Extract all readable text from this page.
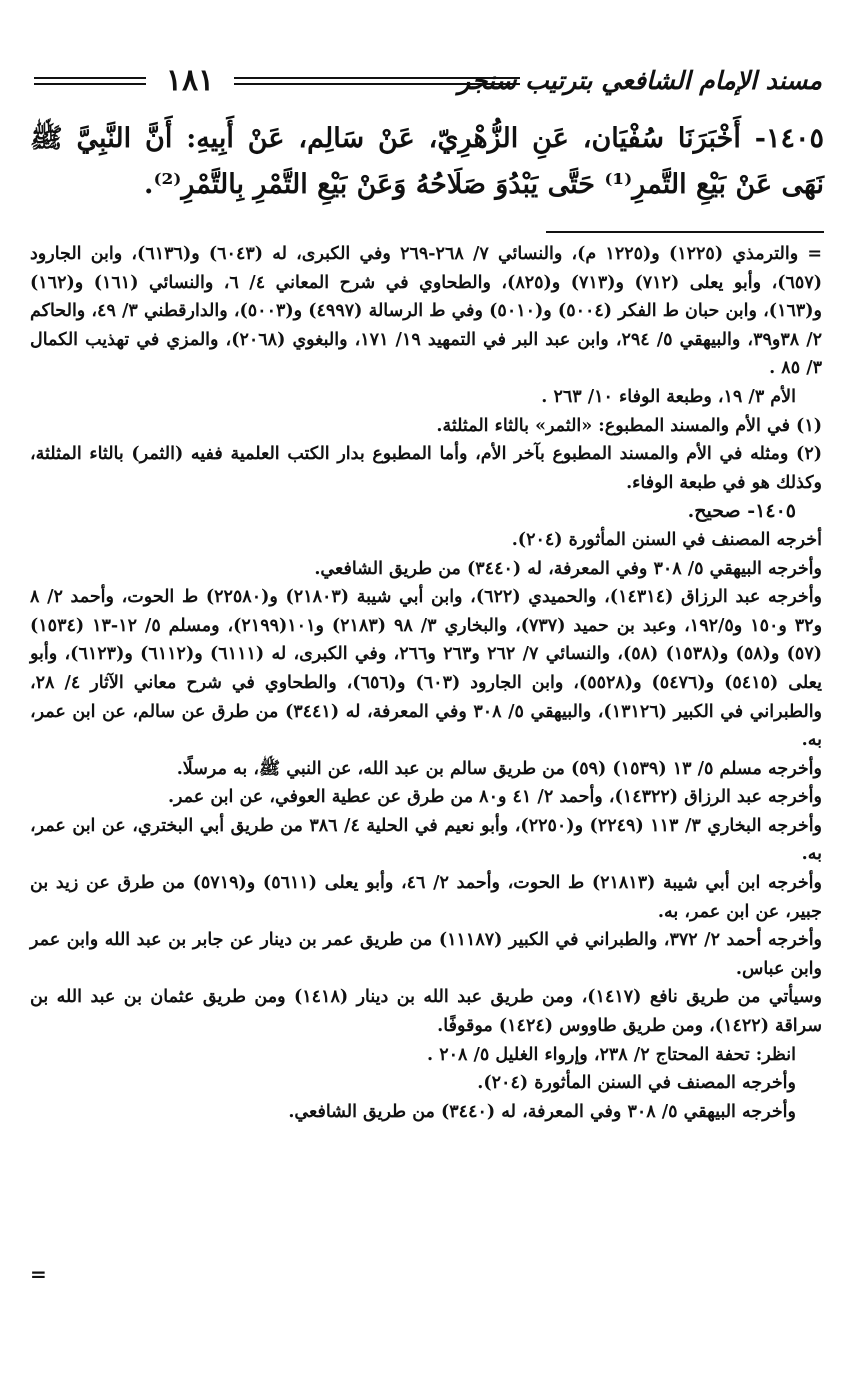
١٨١	مسند الإمام الشافعي بترتيب سنجر
١٤٠٥- أَخْبَرَنَا سُفْيَان، عَنِ الزُّهْرِيّ، عَنْ سَالِم، عَنْ أَبِيهِ: أَنَّ النَّبِيَّ ﷺ نَهَى عَنْ بَيْعِ التَّمرِ⁽¹⁾ حَتَّى يَبْدُوَ صَلَاحُهُ وَعَنْ بَيْعِ التَّمْرِ بِالتَّمْرِ⁽²⁾.

= والترمذي (١٢٢٥) و(١٢٢٥ م)، والنسائي ٧/ ٢٦٨-٢٦٩ وفي الكبرى، له (٦٠٤٣) و(٦١٣٦)، وابن الجارود (٦٥٧)، وأبو يعلى (٧١٢) و(٧١٣) و(٨٢٥)، والطحاوي في شرح المعاني ٤/ ٦، والنسائي (١٦١) و(١٦٢) و(١٦٣)، وابن حبان ط الفكر (٥٠٠٤) و(٥٠١٠) وفي ط الرسالة (٤٩٩٧) و(٥٠٠٣)، والدارقطني ٣/ ٤٩، والحاكم ٢/ ٣٨و٣٩، والبيهقي ٥/ ٢٩٤، وابن عبد البر في التمهيد ١٩/ ١٧١، والبغوي (٢٠٦٨)، والمزي في تهذيب الكمال ٣/ ٨٥ .

الأم ٣/ ١٩، وطبعة الوفاء ١٠/ ٢٦٣ .

(١) في الأم والمسند المطبوع: «الثمر» بالثاء المثلثة.

(٢) ومثله في الأم والمسند المطبوع بآخر الأم، وأما المطبوع بدار الكتب العلمية ففيه (الثمر) بالثاء المثلثة، وكذلك هو في طبعة الوفاء.

١٤٠٥- صحيح.

أخرجه المصنف في السنن المأثورة (٢٠٤).

وأخرجه البيهقي ٥/ ٣٠٨ وفي المعرفة، له (٣٤٤٠) من طريق الشافعي.

وأخرجه عبد الرزاق (١٤٣١٤)، والحميدي (٦٢٢)، وابن أبي شيبة (٢١٨٠٣) و(٢٢٥٨٠) ط الحوت، وأحمد ٢/ ٨ و٣٢ و١٥٠ و١٩٢/٥، وعبد بن حميد (٧٣٧)، والبخاري ٣/ ٩٨ (٢١٨٣) و١٠١(٢١٩٩)، ومسلم ٥/ ١٢-١٣ (١٥٣٤) (٥٧) و(٥٨) و(١٥٣٨) (٥٨)، والنسائي ٧/ ٢٦٢ و٢٦٣ و٢٦٦، وفي الكبرى، له (٦١١١) و(٦١١٢) و(٦١٢٣)، وأبو يعلى (٥٤١٥) و(٥٤٧٦) و(٥٥٢٨)، وابن الجارود (٦٠٣) و(٦٥٦)، والطحاوي في شرح معاني الآثار ٤/ ٢٨، والطبراني في الكبير (١٣١٢٦)، والبيهقي ٥/ ٣٠٨ وفي المعرفة، له (٣٤٤١) من طرق عن سالم، عن ابن عمر، به.

وأخرجه مسلم ٥/ ١٣ (١٥٣٩) (٥٩) من طريق سالم بن عبد الله، عن النبي ﷺ، به مرسلًا.

وأخرجه عبد الرزاق (١٤٣٢٢)، وأحمد ٢/ ٤١ و٨٠ من طرق عن عطية العوفي، عن ابن عمر.

وأخرجه البخاري ٣/ ١١٣ (٢٢٤٩) و(٢٢٥٠)، وأبو نعيم في الحلية ٤/ ٣٨٦ من طريق أبي البختري، عن ابن عمر، به.

وأخرجه ابن أبي شيبة (٢١٨١٣) ط الحوت، وأحمد ٢/ ٤٦، وأبو يعلى (٥٦١١) و(٥٧١٩) من طرق عن زيد بن جبير، عن ابن عمر، به.

وأخرجه أحمد ٢/ ٣٧٢، والطبراني في الكبير (١١١٨٧) من طريق عمر بن دينار عن جابر بن عبد الله وابن عمر وابن عباس.

وسيأتي من طريق نافع (١٤١٧)، ومن طريق عبد الله بن دينار (١٤١٨) ومن طريق عثمان بن عبد الله بن سراقة (١٤٢٢)، ومن طريق طاووس (١٤٢٤) موقوفًا.

انظر: تحفة المحتاج ٢/ ٢٣٨، وإرواء الغليل ٥/ ٢٠٨ .

وأخرجه المصنف في السنن المأثورة (٢٠٤).

وأخرجه البيهقي ٥/ ٣٠٨ وفي المعرفة، له (٣٤٤٠) من طريق الشافعي.

=
